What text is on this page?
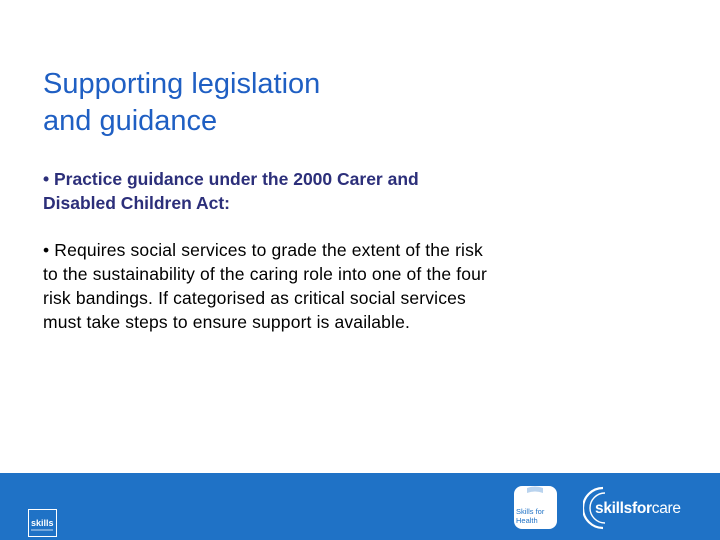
Supporting legislation
and guidance

• Practice guidance under the 2000 Carer and
Disabled Children Act:

• Requires social services to grade the extent of the risk
to the sustainability of the caring role into one of the four
risk bandings. If categorised as critical social services
must take steps to ensure support is available.

skills
Skills for
Health
skillsforcare
